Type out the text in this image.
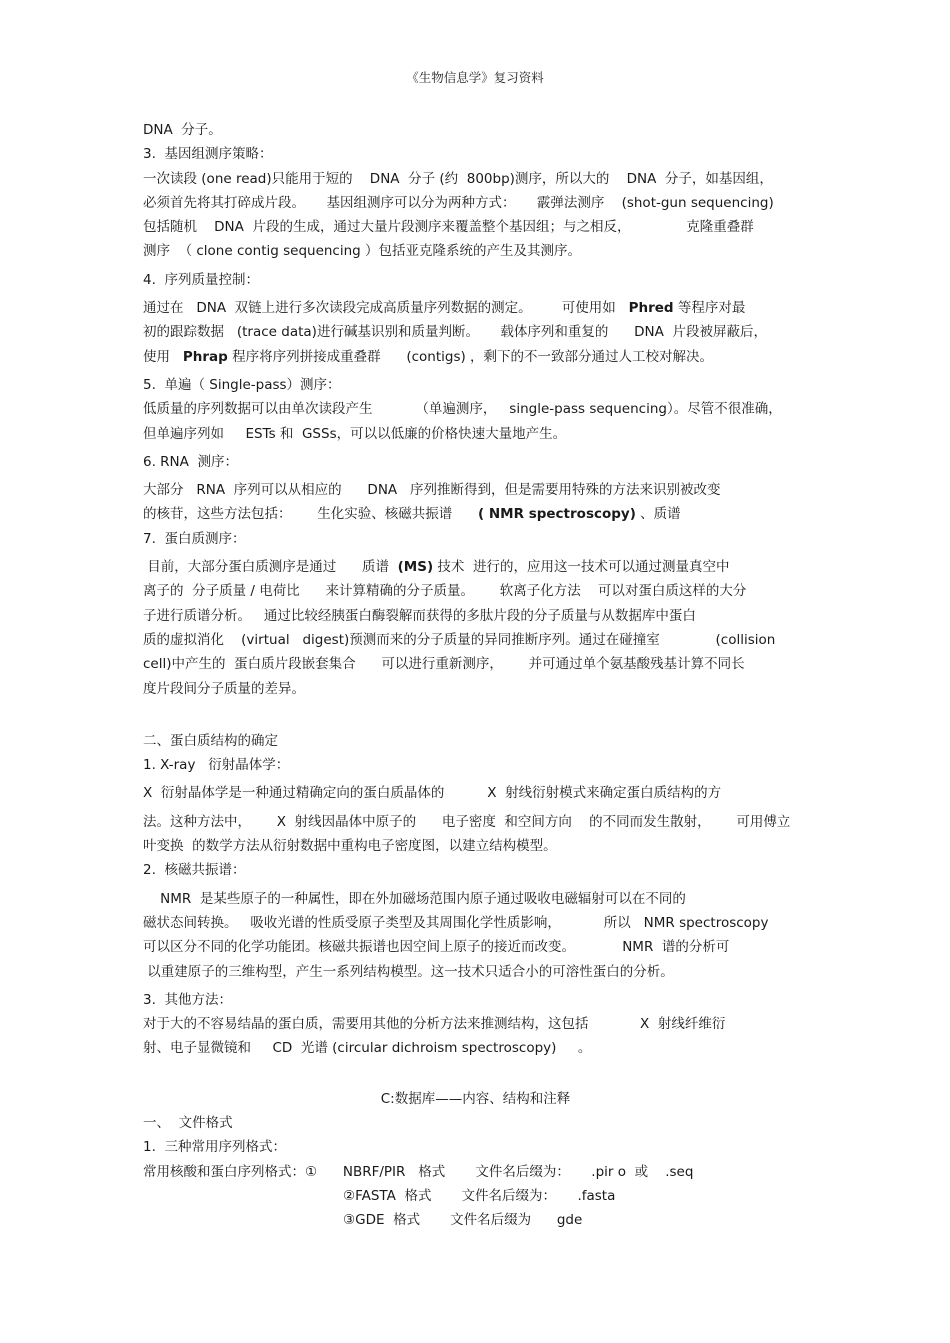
《生物信息学》复习资料

DNA  分子。

3.  基因组测序策略：

一次读段 (one read)只能用于短的    DNA  分子 (约  800bp)测序，所以大的    DNA  分子，如基因组，

必须首先将其打碎成片段。     基因组测序可以分为两种方式：     霰弹法测序    (shot-gun sequencing)

包括随机    DNA  片段的生成，通过大量片段测序来覆盖整个基因组；与之相反，             克隆重叠群

测序  （ clone contig sequencing ）包括亚克隆系统的产生及其测序。

4.  序列质量控制：

通过在   DNA  双链上进行多次读段完成高质量序列数据的测定。       可使用如   Phred 等程序对最

初的跟踪数据   (trace data)进行碱基识别和质量判断。     载体序列和重复的      DNA  片段被屏蔽后，

使用   Phrap 程序将序列拼接成重叠群      (contigs) ，剩下的不一致部分通过人工校对解决。

5.  单遍（ Single-pass）测序：

低质量的序列数据可以由单次读段产生          （单遍测序，   single-pass sequencing）。尽管不很准确，

但单遍序列如     ESTs 和  GSSs，可以以低廉的价格快速大量地产生。

6. RNA  测序：

大部分   RNA  序列可以从相应的      DNA   序列推断得到，但是需要用特殊的方法来识别被改变

的核苷，这些方法包括：      生化实验、核磁共振谱      ( NMR spectroscopy) 、质谱

7.  蛋白质测序：

目前，大部分蛋白质测序是通过      质谱  (MS) 技术  进行的，应用这一技术可以通过测量真空中

离子的  分子质量 / 电荷比      来计算精确的分子质量。      软离子化方法    可以对蛋白质这样的大分

子进行质谱分析。   通过比较经胰蛋白酶裂解而获得的多肽片段的分子质量与从数据库中蛋白

质的虚拟消化    (virtual   digest)预测而来的分子质量的异同推断序列。通过在碰撞室             (collision

cell)中产生的  蛋白质片段嵌套集合      可以进行重新测序，      并可通过单个氨基酸残基计算不同长

度片段间分子质量的差异。

二、蛋白质结构的确定

1. X-ray   衍射晶体学：

X  衍射晶体学是一种通过精确定向的蛋白质晶体的          X  射线衍射模式来确定蛋白质结构的方

法。这种方法中，      X  射线因晶体中原子的      电子密度  和空间方向    的不同而发生散射，      可用傅立

叶变换  的数学方法从衍射数据中重构电子密度图，以建立结构模型。

2.  核磁共振谱：

NMR  是某些原子的一种属性，即在外加磁场范围内原子通过吸收电磁辐射可以在不同的

磁状态间转换。   吸收光谱的性质受原子类型及其周围化学性质影响，          所以   NMR spectroscopy

可以区分不同的化学功能团。核磁共振谱也因空间上原子的接近而改变。           NMR  谱的分析可

以重建原子的三维构型，产生一系列结构模型。这一技术只适合小的可溶性蛋白的分析。

3.  其他方法：

对于大的不容易结晶的蛋白质，需要用其他的分析方法来推测结构，这包括            X  射线纤维衍

射、电子显微镜和     CD  光谱 (circular dichroism spectroscopy)     。

C:数据库——内容、结构和注释

一、  文件格式

1.  三种常用序列格式：

常用核酸和蛋白序列格式：①      NBRF/PIR   格式       文件名后缀为：     .pir o  或    .seq

②FASTA  格式       文件名后缀为：     .fasta

③GDE  格式       文件名后缀为      gde
